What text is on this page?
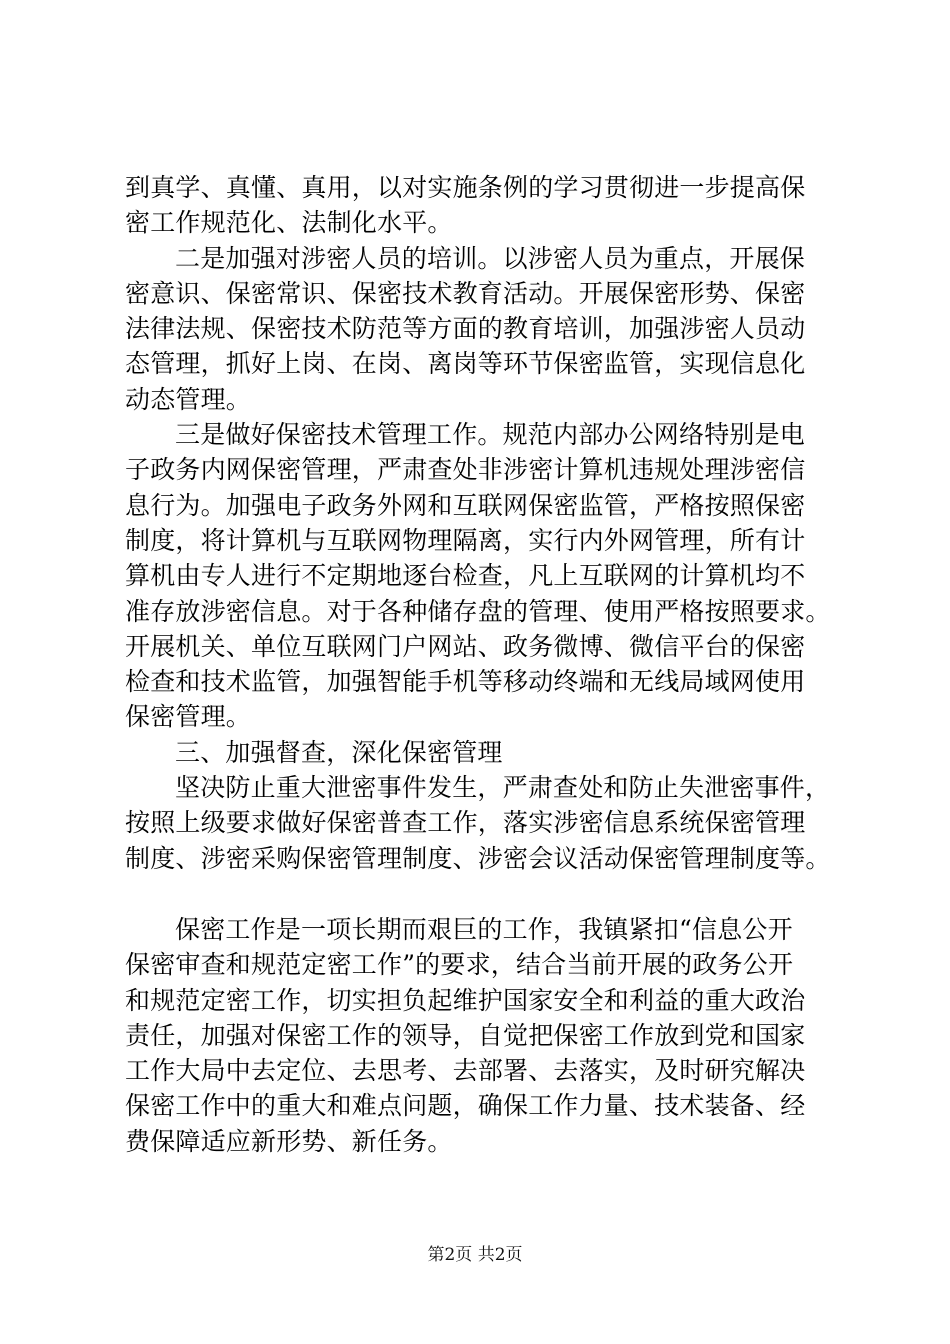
到真学、真懂、真用，以对实施条例的学习贯彻进一步提高保
密工作规范化、法制化水平。

二是加强对涉密人员的培训。以涉密人员为重点，开展保
密意识、保密常识、保密技术教育活动。开展保密形势、保密
法律法规、保密技术防范等方面的教育培训，加强涉密人员动
态管理，抓好上岗、在岗、离岗等环节保密监管，实现信息化
动态管理。

三是做好保密技术管理工作。规范内部办公网络特别是电
子政务内网保密管理，严肃查处非涉密计算机违规处理涉密信
息行为。加强电子政务外网和互联网保密监管，严格按照保密
制度，将计算机与互联网物理隔离，实行内外网管理，所有计
算机由专人进行不定期地逐台检查，凡上互联网的计算机均不
准存放涉密信息。对于各种储存盘的管理、使用严格按照要求。
开展机关、单位互联网门户网站、政务微博、微信平台的保密
检查和技术监管，加强智能手机等移动终端和无线局域网使用
保密管理。

三、加强督查，深化保密管理

坚决防止重大泄密事件发生，严肃查处和防止失泄密事件，
按照上级要求做好保密普查工作，落实涉密信息系统保密管理
制度、涉密采购保密管理制度、涉密会议活动保密管理制度等。

保密工作是一项长期而艰巨的工作，我镇紧扣“信息公开
保密审查和规范定密工作”的要求，结合当前开展的政务公开
和规范定密工作，切实担负起维护国家安全和利益的重大政治
责任，加强对保密工作的领导，自觉把保密工作放到党和国家
工作大局中去定位、去思考、去部署、去落实，及时研究解决
保密工作中的重大和难点问题，确保工作力量、技术装备、经
费保障适应新形势、新任务。

第2页 共2页
